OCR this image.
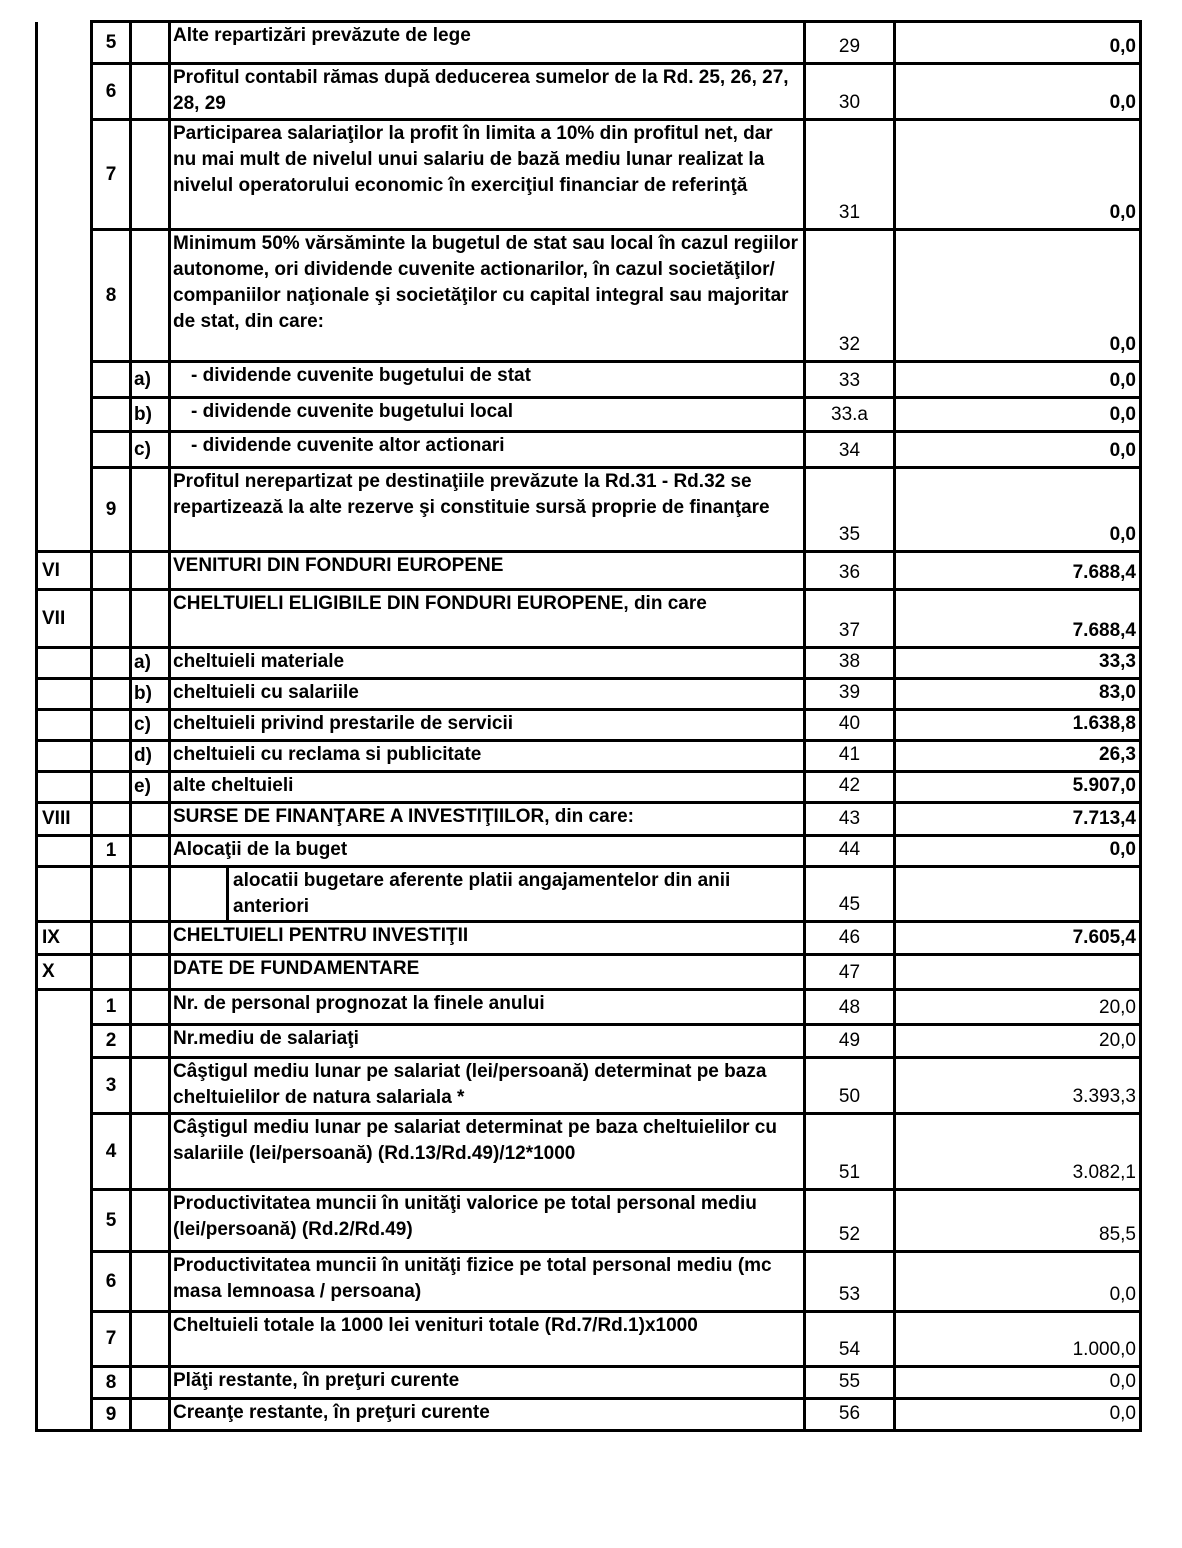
	5		Alte repartizări prevăzute de lege	29	0,0
	6		Profitul contabil rămas după deducerea sumelor de la Rd. 25, 26, 27, 28, 29	30	0,0
	7		Participarea salariaţilor la profit în limita a 10% din profitul net, dar nu mai mult de nivelul unui salariu de bază mediu lunar realizat la nivelul operatorului economic în exerciţiul financiar de referinţă	31	0,0
	8		Minimum 50% vărsăminte la bugetul de stat sau local în cazul regiilor autonome, ori dividende cuvenite actionarilor, în cazul societăţilor/ companiilor naţionale şi societăţilor cu capital integral sau majoritar de stat, din care:	32	0,0
		a)	- dividende cuvenite bugetului de stat	33	0,0
		b)	- dividende cuvenite bugetului local	33.a	0,0
		c)	- dividende cuvenite altor actionari	34	0,0
	9		Profitul nerepartizat pe destinaţiile prevăzute la Rd.31 - Rd.32 se repartizează la alte rezerve şi constituie sursă proprie de finanţare	35	0,0
VI			VENITURI DIN FONDURI EUROPENE	36	7.688,4
VII			CHELTUIELI ELIGIBILE DIN FONDURI EUROPENE, din care	37	7.688,4
		a)	cheltuieli materiale	38	33,3
		b)	cheltuieli cu salariile	39	83,0
		c)	cheltuieli privind prestarile de servicii	40	1.638,8
		d)	cheltuieli cu reclama si publicitate	41	26,3
		e)	alte cheltuieli	42	5.907,0
VIII			SURSE DE FINANŢARE A INVESTIŢIILOR, din care:	43	7.713,4
	1		Alocaţii de la buget	44	0,0

			alocatii bugetare aferente platii angajamentelor din anii anteriori	45	
IX			CHELTUIELI PENTRU INVESTIŢII	46	7.605,4
X			DATE DE FUNDAMENTARE	47	
	1		Nr. de personal prognozat la finele anului	48	20,0
	2		Nr.mediu de salariaţi	49	20,0
	3		Câştigul mediu lunar pe salariat (lei/persoană) determinat pe baza cheltuielilor de natura salariala *	50	3.393,3
	4		Câştigul mediu lunar pe salariat determinat pe baza cheltuielilor cu salariile (lei/persoană) (Rd.13/Rd.49)/12*1000	51	3.082,1
	5		Productivitatea muncii în unităţi valorice pe total personal mediu (lei/persoană) (Rd.2/Rd.49)	52	85,5
	6		Productivitatea muncii în unităţi fizice pe total personal mediu (mc masa lemnoasa / persoana)	53	0,0
	7		Cheltuieli totale la 1000 lei venituri totale (Rd.7/Rd.1)x1000	54	1.000,0
	8		Plăţi restante, în preţuri curente	55	0,0
	9		Creanţe restante, în preţuri curente	56	0,0
